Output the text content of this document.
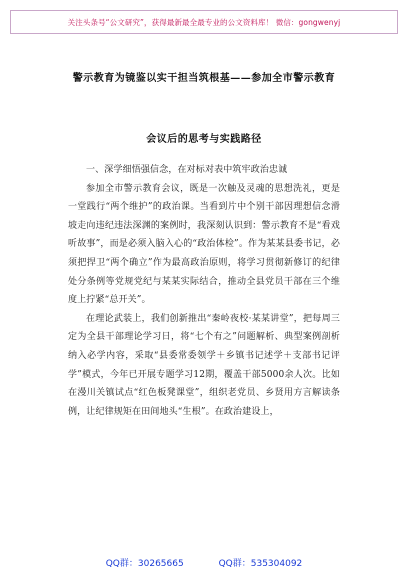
关注头条号“公文研究”，获得最新最全最专业的公文资料库！ 微信：gongwenyj
警示教育为镜鉴以实干担当筑根基——参加全市警示教育
会议后的思考与实践路径

一、深学细悟强信念，在对标对表中筑牢政治忠诚

参加全市警示教育会议，既是一次触及灵魂的思想洗礼，更是一堂践行“两个维护”的政治课。当看到片中个别干部因理想信念滑坡走向违纪违法深渊的案例时，我深刻认识到：警示教育不是“看戏听故事”，而是必须入脑入心的“政治体检”。作为某某县委书记，必须把捍卫“两个确立”作为最高政治原则，将学习贯彻新修订的纪律处分条例等党规党纪与某某实际结合，推动全县党员干部在三个维度上拧紧“总开关”。

在理论武装上，我们创新推出“秦岭夜校·某某讲堂”，把每周三定为全县干部理论学习日，将“七个有之”问题解析、典型案例剖析纳入必学内容，采取“县委常委领学＋乡镇书记述学＋支部书记评学”模式，今年已开展专题学习12期，覆盖干部5000余人次。比如在漫川关镇试点“红色板凳课堂”，组织老党员、乡贤用方言解读条例，让纪律规矩在田间地头“生根”。在政治建设上，

QQ群：30265665	QQ群：535304092
